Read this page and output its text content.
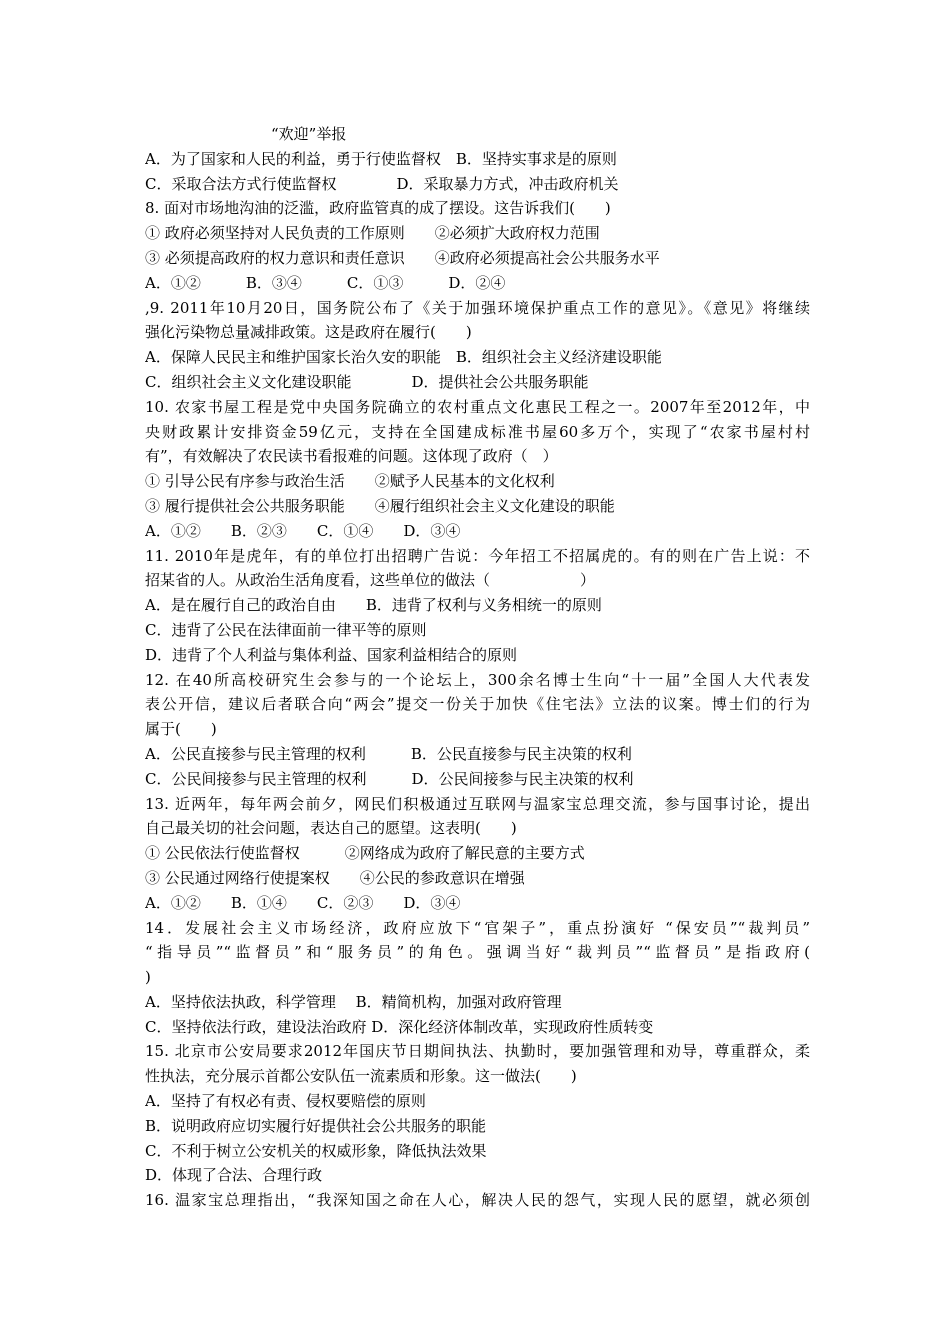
“欢迎”举报
A．为了国家和人民的利益，勇于行使监督权　B．坚持实事求是的原则
C．采取合法方式行使监督权　　　　D．采取暴力方式，冲击政府机关
8. 面对市场地沟油的泛滥，政府监管真的成了摆设。这告诉我们(　　)
① 政府必须坚持对人民负责的工作原则　　②必须扩大政府权力范围
③ 必须提高政府的权力意识和责任意识　　④政府必须提高社会公共服务水平
A．①②　　　B．③④　　　C．①③　　　D．②④
,9. 2011年10月20日，国务院公布了《关于加强环境保护重点工作的意见》。《意见》将继续
强化污染物总量减排政策。这是政府在履行(　　)
A．保障人民民主和维护国家长治久安的职能　B．组织社会主义经济建设职能
C．组织社会主义文化建设职能　　　　D．提供社会公共服务职能
10. 农家书屋工程是党中央国务院确立的农村重点文化惠民工程之一。2007年至2012年，中
央财政累计安排资金59亿元，支持在全国建成标准书屋60多万个，实现了“农家书屋村村
有”，有效解决了农民读书看报难的问题。这体现了政府（　）
① 引导公民有序参与政治生活　　②赋予人民基本的文化权利
③ 履行提供社会公共服务职能　　④履行组织社会主义文化建设的职能
A．①②　　B．②③　　C．①④　　D．③④
11. 2010年是虎年，有的单位打出招聘广告说：今年招工不招属虎的。有的则在广告上说：不
招某省的人。从政治生活角度看，这些单位的做法（　　　　　　）
A．是在履行自己的政治自由　　B．违背了权利与义务相统一的原则
C．违背了公民在法律面前一律平等的原则
D．违背了个人利益与集体利益、国家利益相结合的原则
12. 在40所高校研究生会参与的一个论坛上，300余名博士生向“十一届”全国人大代表发
表公开信，建议后者联合向“两会”提交一份关于加快《住宅法》立法的议案。博士们的行为
属于(　　)
A．公民直接参与民主管理的权利　　　B．公民直接参与民主决策的权利
C．公民间接参与民主管理的权利　　　D．公民间接参与民主决策的权利
13. 近两年，每年两会前夕，网民们积极通过互联网与温家宝总理交流，参与国事讨论，提出
自己最关切的社会问题，表达自己的愿望。这表明(　　)
① 公民依法行使监督权　　　②网络成为政府了解民意的主要方式
③ 公民通过网络行使提案权　　④公民的参政意识在增强
A．①②　　B．①④　　C．②③　　D．③④
14．发展社会主义市场经济，政府应放下“官架子”，重点扮演好 “保安员”“裁判员”
“指导员”“监督员”和“服务员”的角色。强调当好“裁判员”“监督员”是指政府(
)
A．坚持依法执政，科学管理　 B．精简机构，加强对政府管理
C．坚持依法行政，建设法治政府 D．深化经济体制改革，实现政府性质转变
15. 北京市公安局要求2012年国庆节日期间执法、执勤时，要加强管理和劝导，尊重群众，柔
性执法，充分展示首都公安队伍一流素质和形象。这一做法(　　)
A．坚持了有权必有责、侵权要赔偿的原则
B．说明政府应切实履行好提供社会公共服务的职能
C．不利于树立公安机关的权威形象，降低执法效果
D．体现了合法、合理行政
16. 温家宝总理指出，“我深知国之命在人心，解决人民的怨气，实现人民的愿望，就必须创
